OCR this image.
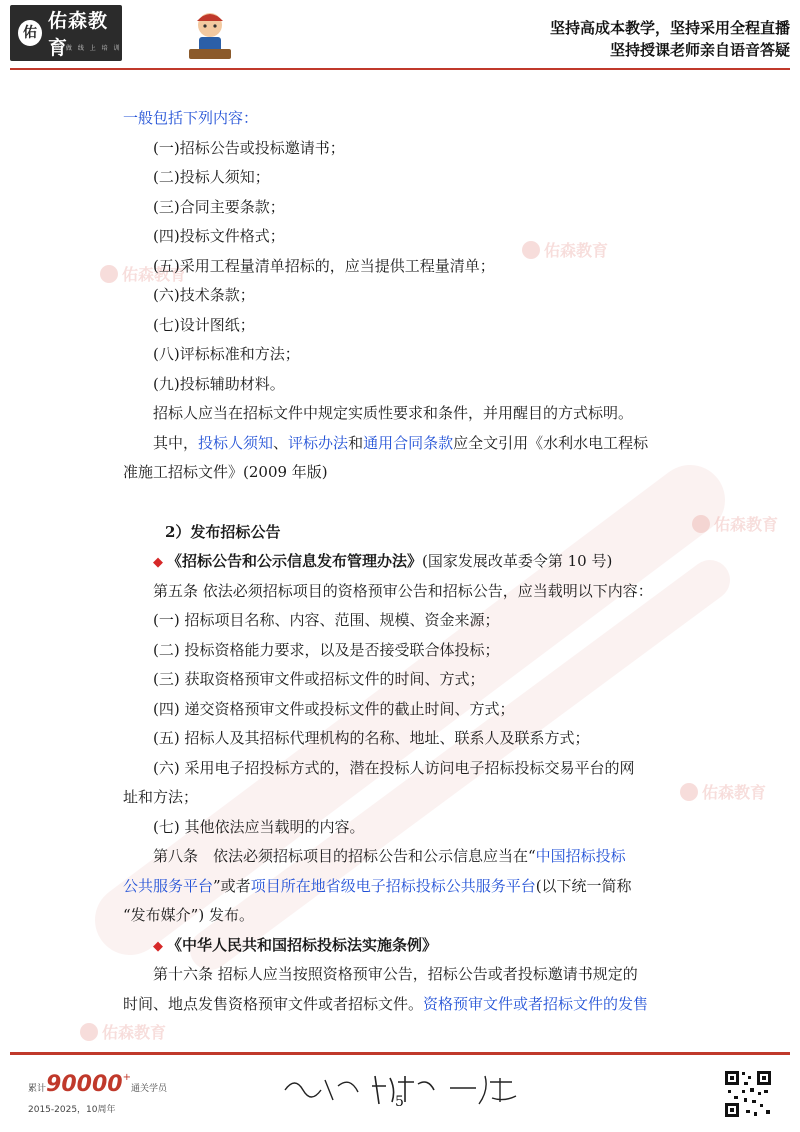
佑
佑森教育
只 做 线 上 培 训
坚持高成本教学，坚持采用全程直播
坚持授课老师亲自语音答疑
佑森教育
佑森教育
佑森教育
佑森教育
佑森教育
一般包括下列内容：
(一)招标公告或投标邀请书；
(二)投标人须知；
(三)合同主要条款；
(四)投标文件格式；
(五)采用工程量清单招标的，应当提供工程量清单；
(六)技术条款；
(七)设计图纸；
(八)评标标准和方法；
(九)投标辅助材料。
招标人应当在招标文件中规定实质性要求和条件，并用醒目的方式标明。
其中，投标人须知、评标办法和通用合同条款应全文引用《水利水电工程标
准施工招标文件》(2009 年版)
2）发布招标公告
◆ 《招标公告和公示信息发布管理办法》(国家发展改革委令第 10 号)
第五条 依法必须招标项目的资格预审公告和招标公告，应当载明以下内容：
(一) 招标项目名称、内容、范围、规模、资金来源；
(二) 投标资格能力要求，以及是否接受联合体投标；
(三) 获取资格预审文件或招标文件的时间、方式；
(四) 递交资格预审文件或投标文件的截止时间、方式；
(五) 招标人及其招标代理机构的名称、地址、联系人及联系方式；
(六) 采用电子招投标方式的，潜在投标人访问电子招标投标交易平台的网
址和方法；
(七) 其他依法应当载明的内容。
第八条　依法必须招标项目的招标公告和公示信息应当在“中国招标投标
公共服务平台”或者项目所在地省级电子招标投标公共服务平台(以下统一简称
“发布媒介”) 发布。
◆ 《中华人民共和国招标投标法实施条例》
第十六条 招标人应当按照资格预审公告，招标公告或者投标邀请书规定的
时间、地点发售资格预审文件或者招标文件。资格预审文件或者招标文件的发售
累计90000+通关学员
2015-2025，10周年	5
